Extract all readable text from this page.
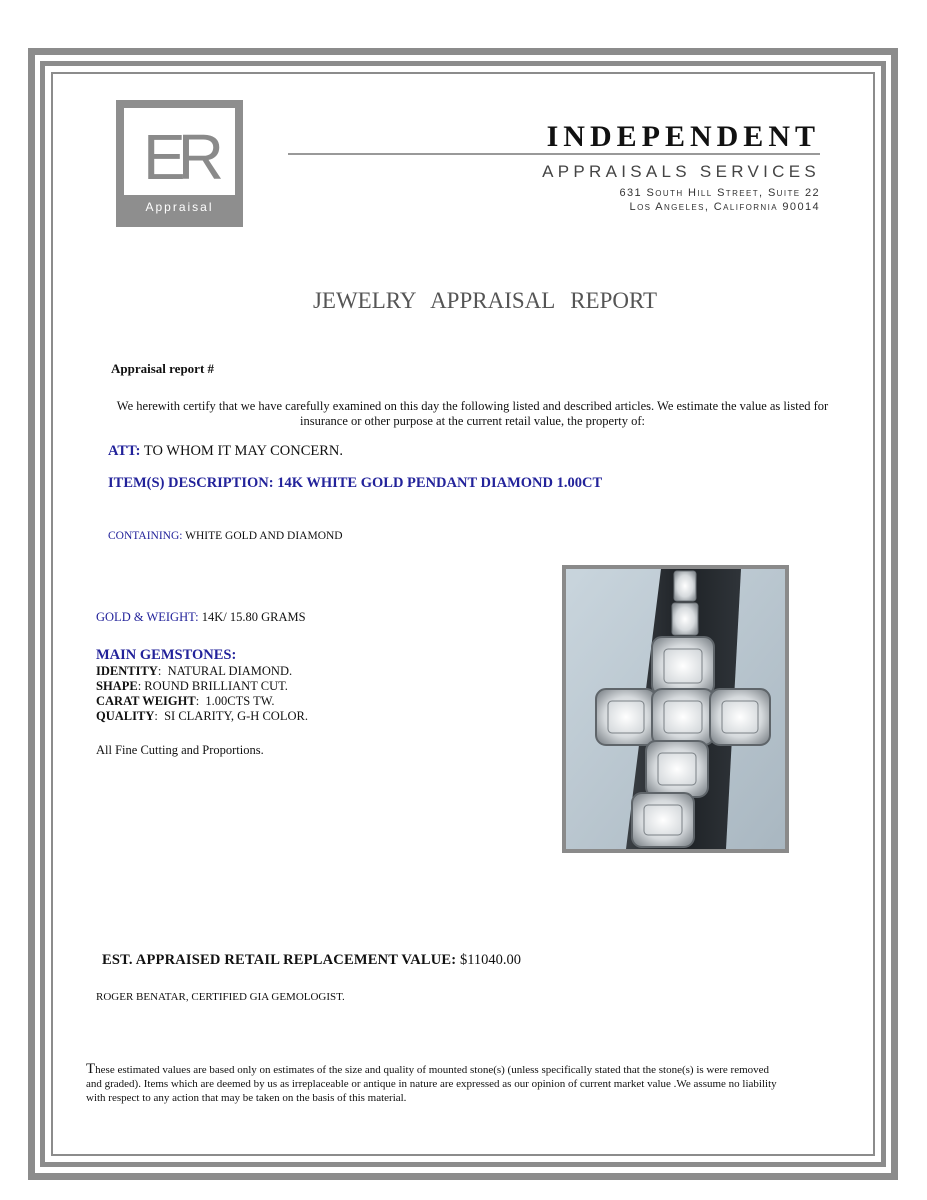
ER
Appraisal
INDEPENDENT
APPRAISALS SERVICES
631 South Hill Street, Suite 22
Los Angeles, California 90014
JEWELRY APPRAISAL REPORT
Appraisal report #
We herewith certify that we have carefully examined on this day the following listed and described articles. We estimate the value as listed for insurance or other purpose at the current retail value, the property of:
ATT: TO WHOM IT MAY CONCERN.
ITEM(S) DESCRIPTION: 14K WHITE GOLD PENDANT DIAMOND 1.00CT
CONTAINING: WHITE GOLD AND DIAMOND
GOLD & WEIGHT: 14K/ 15.80 GRAMS
MAIN GEMSTONES:
IDENTITY:  NATURAL DIAMOND.
SHAPE: ROUND BRILLIANT CUT.
CARAT WEIGHT:  1.00CTS TW.
QUALITY:  SI CLARITY, G-H COLOR.
All Fine Cutting and Proportions.
EST. APPRAISED RETAIL REPLACEMENT VALUE: $11040.00
ROGER BENATAR, CERTIFIED GIA GEMOLOGIST.
These estimated values are based only on estimates of the size and quality of mounted stone(s) (unless specifically stated that the stone(s) is were removed and graded). Items which are deemed by us as irreplaceable or antique in nature are expressed as our opinion of current market value .We assume no liability with respect to any action that may be taken on the basis of this material.
